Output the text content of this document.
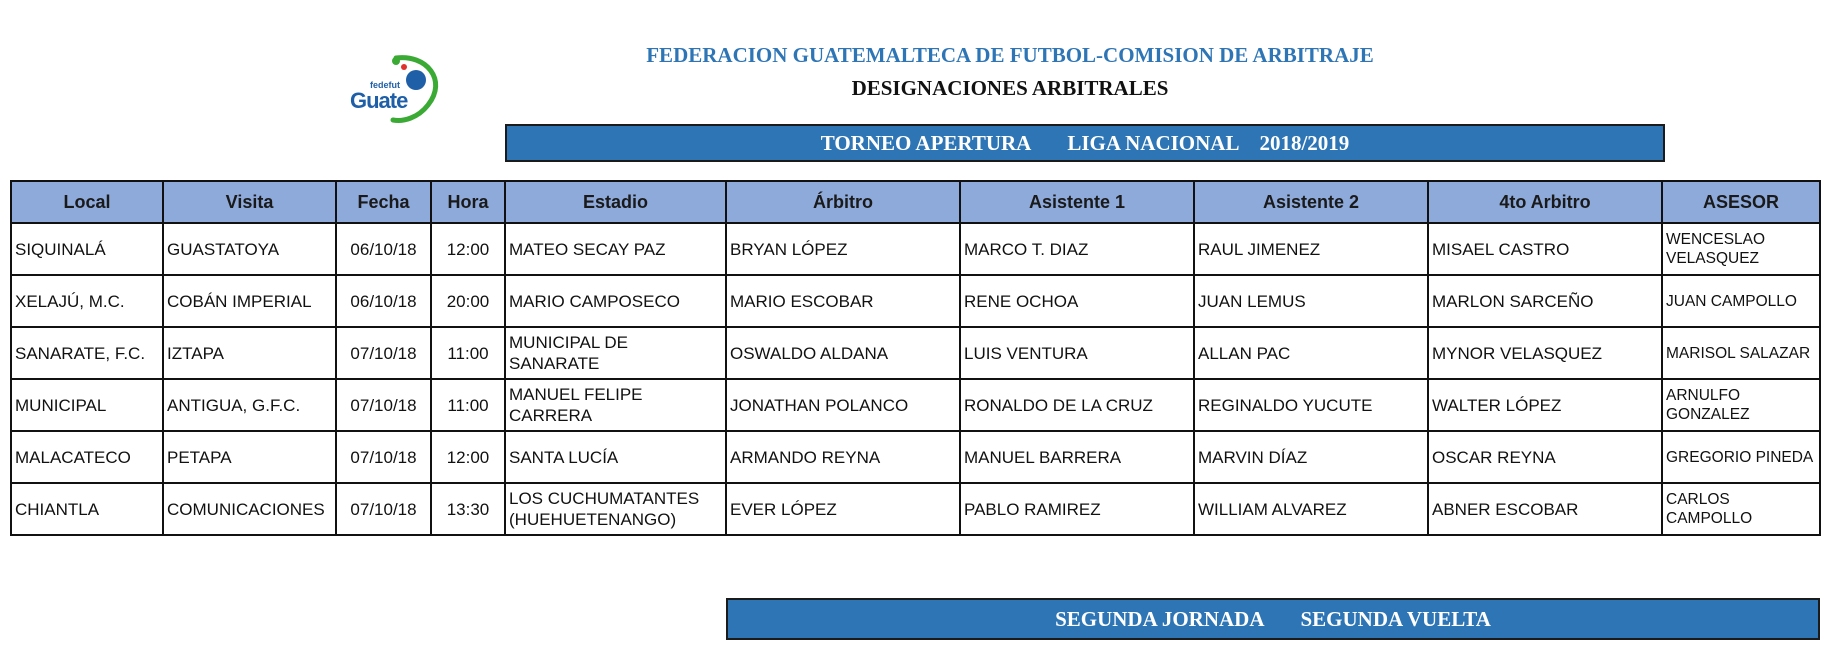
fedefut
Guate
FEDERACION GUATEMALTECA DE FUTBOL-COMISION DE ARBITRAJE
DESIGNACIONES ARBITRALES
TORNEO APERTURA LIGA NACIONAL 2018/2019
Local	Visita	Fecha	Hora	Estadio	Árbitro	Asistente 1	Asistente 2	4to Arbitro	ASESOR
SIQUINALÁ	GUASTATOYA	06/10/18	12:00	MATEO SECAY PAZ	BRYAN LÓPEZ	MARCO T. DIAZ	RAUL JIMENEZ	MISAEL CASTRO	WENCESLAO VELASQUEZ
XELAJÚ, M.C.	COBÁN IMPERIAL	06/10/18	20:00	MARIO CAMPOSECO	MARIO ESCOBAR	RENE OCHOA	JUAN LEMUS	MARLON SARCEÑO	JUAN CAMPOLLO
SANARATE, F.C.	IZTAPA	07/10/18	11:00	MUNICIPAL DE SANARATE	OSWALDO ALDANA	LUIS VENTURA	ALLAN PAC	MYNOR VELASQUEZ	MARISOL SALAZAR
MUNICIPAL	ANTIGUA, G.F.C.	07/10/18	11:00	MANUEL FELIPE CARRERA	JONATHAN POLANCO	RONALDO DE LA CRUZ	REGINALDO YUCUTE	WALTER LÓPEZ	ARNULFO GONZALEZ
MALACATECO	PETAPA	07/10/18	12:00	SANTA LUCÍA	ARMANDO REYNA	MANUEL BARRERA	MARVIN DÍAZ	OSCAR REYNA	GREGORIO PINEDA
CHIANTLA	COMUNICACIONES	07/10/18	13:30	LOS CUCHUMATANTES (HUEHUETENANGO)	EVER LÓPEZ	PABLO RAMIREZ	WILLIAM ALVAREZ	ABNER ESCOBAR	CARLOS CAMPOLLO
SEGUNDA JORNADA SEGUNDA VUELTA
